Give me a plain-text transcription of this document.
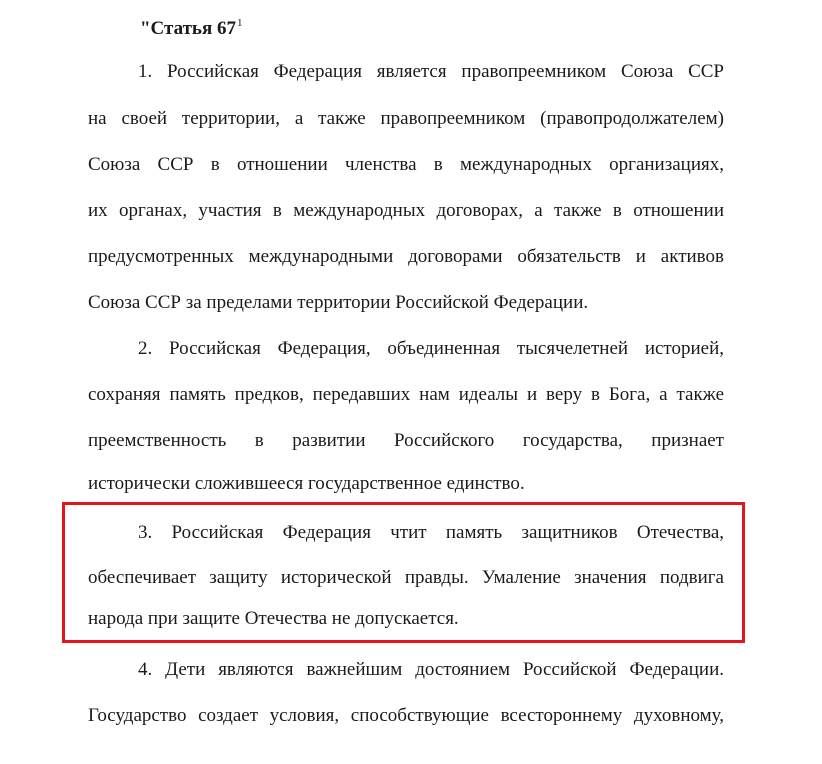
"Статья $67^1$
1. Российская Федерация является правопреемником Союза ССР
на своей территории, а также правопреемником (правопродолжателем)
Союза ССР в отношении членства в международных организациях,
их органах, участия в международных договорах, а также в отношении
предусмотренных международными договорами обязательств и активов
Союза ССР за пределами территории Российской Федерации.
2. Российская Федерация, объединенная тысячелетней историей,
сохраняя память предков, передавших нам идеалы и веру в Бога, а также
преемственность в развитии Российского государства, признает
исторически сложившееся государственное единство.
3. Российская Федерация чтит память защитников Отечества,
обеспечивает защиту исторической правды. Умаление значения подвига
народа при защите Отечества не допускается.
4. Дети являются важнейшим достоянием Российской Федерации.
Государство создает условия, способствующие всестороннему духовному,
